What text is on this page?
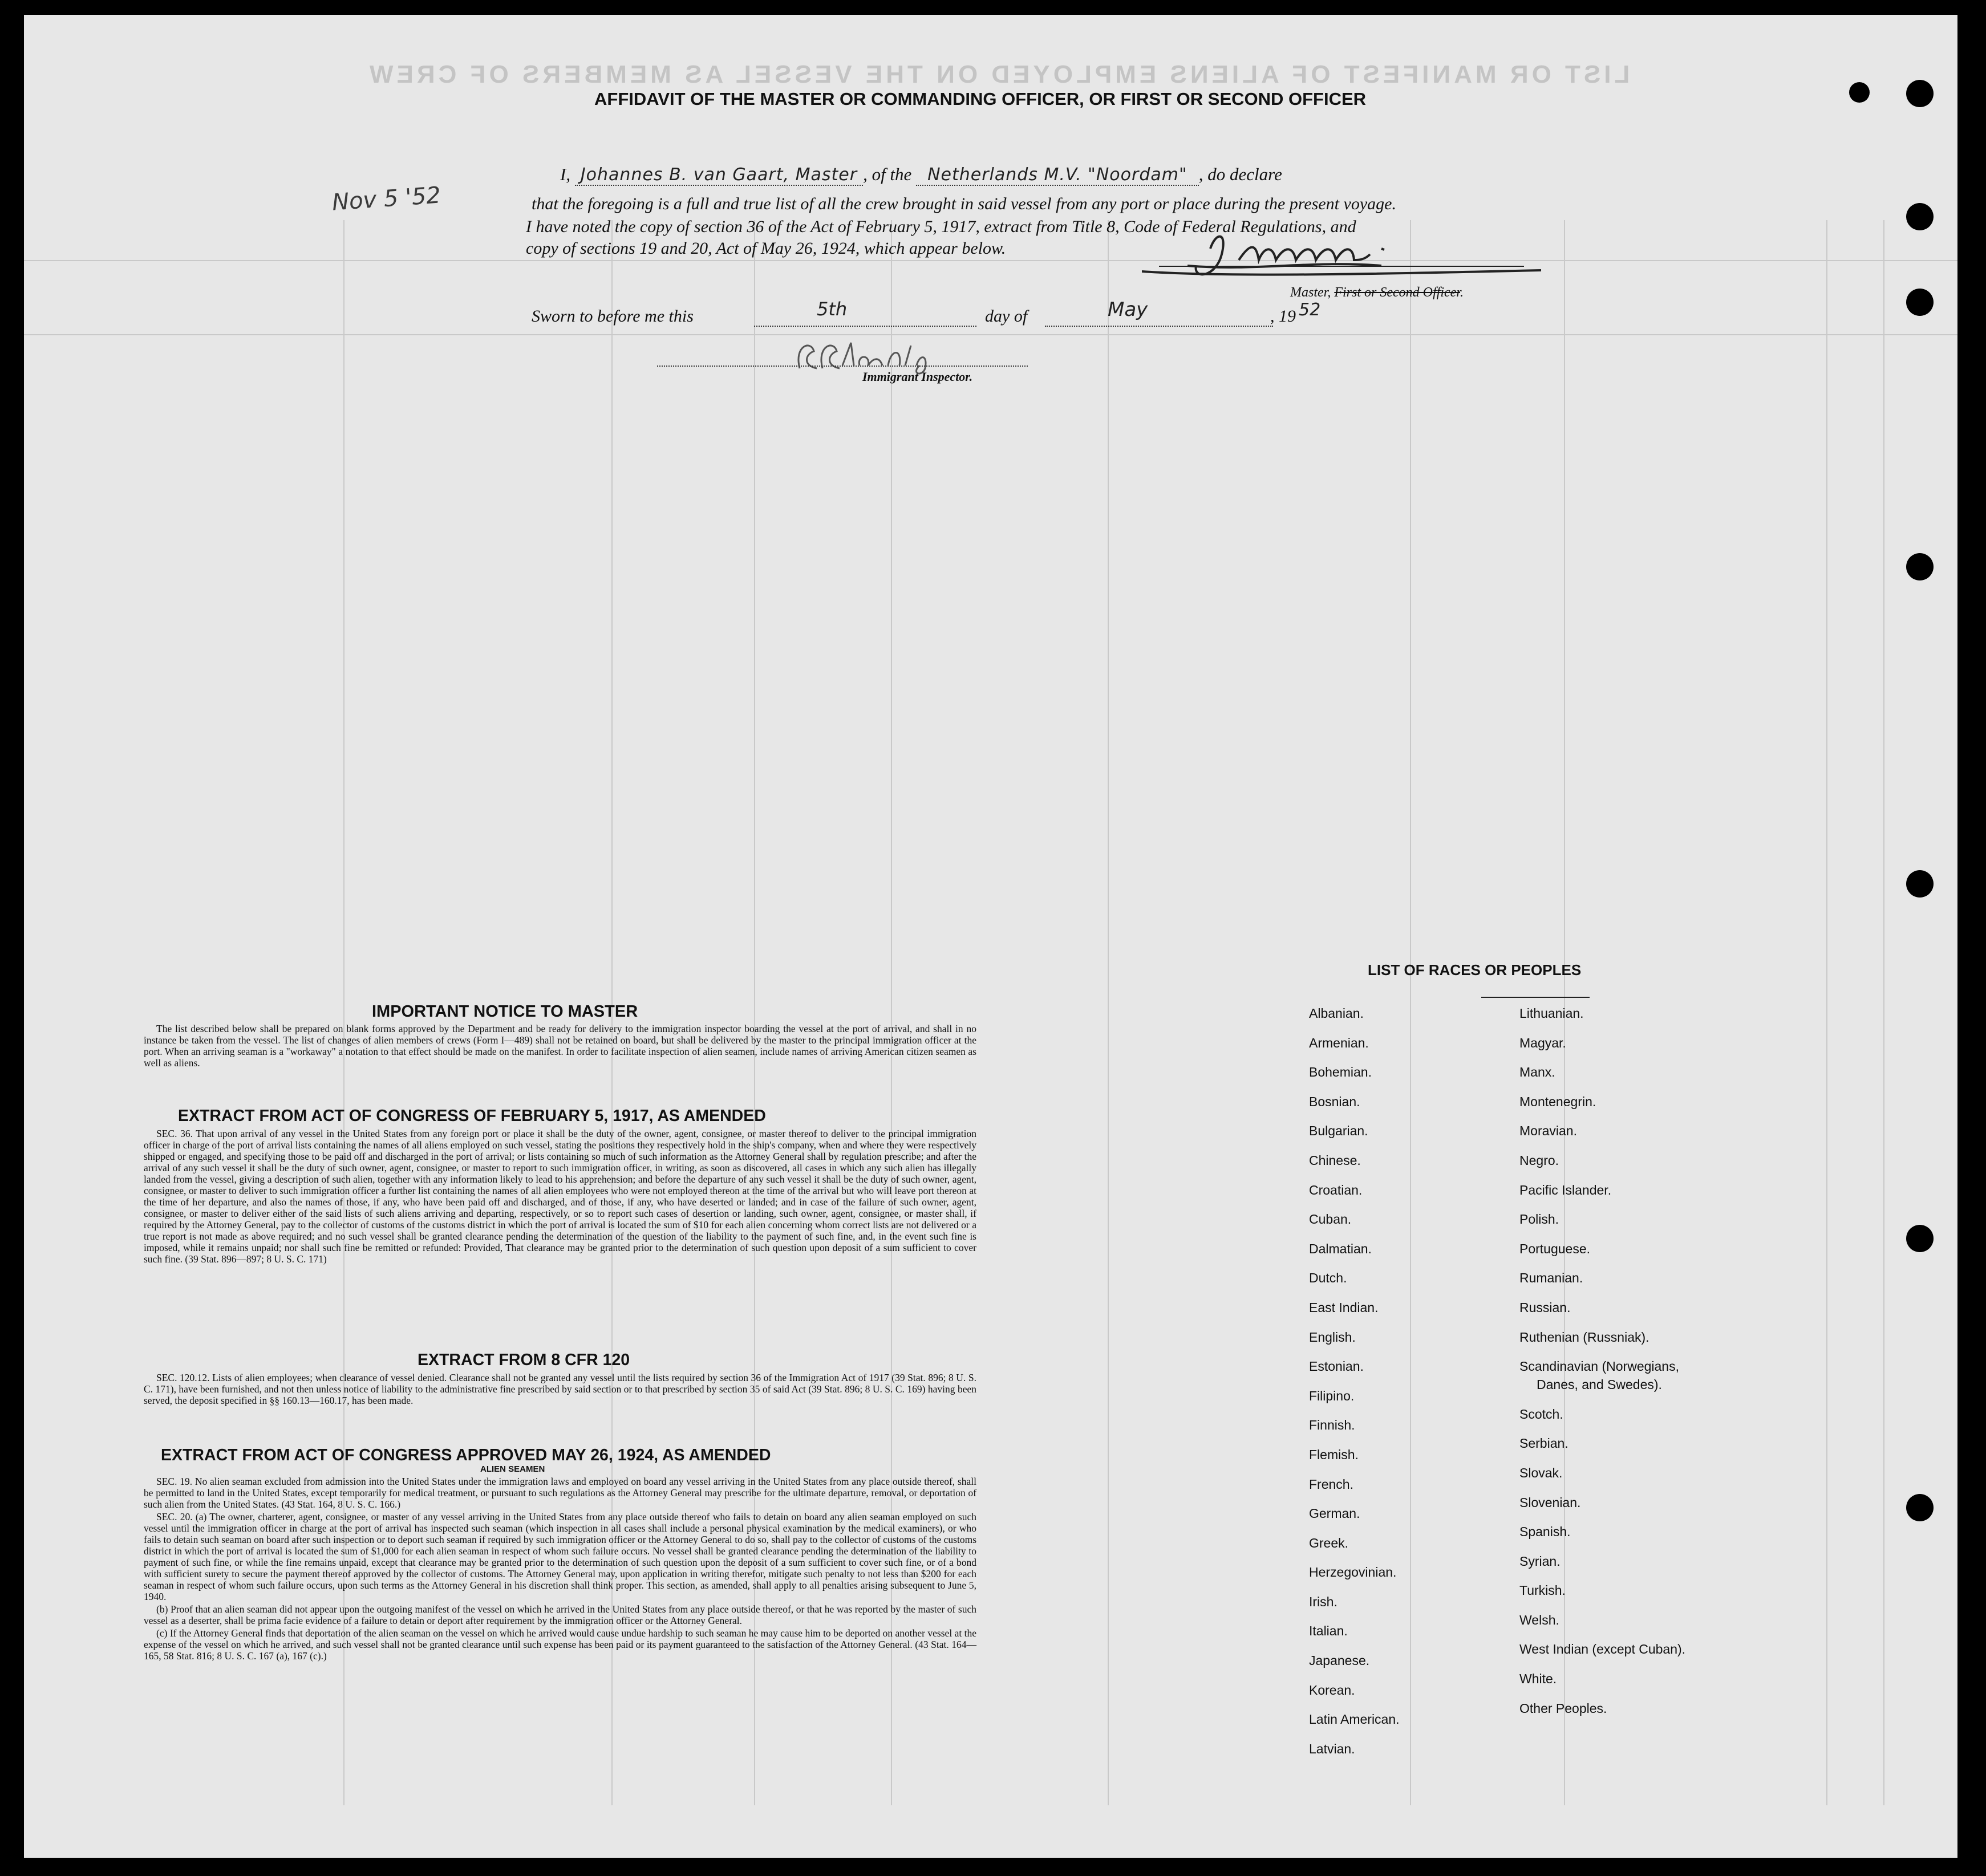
LIST OR MANIFEST OF ALIENS EMPLOYED ON THE VESSEL AS MEMBERS OF CREW
AFFIDAVIT OF THE MASTER OR COMMANDING OFFICER, OR FIRST OR SECOND OFFICER
I, Johannes B. van Gaart, Master , of the Netherlands M.V. "Noordam" , do declare
that the foregoing is a full and true list of all the crew brought in said vessel from any port or place during the present voyage.
I have noted the copy of section 36 of the Act of February 5, 1917, extract from Title 8, Code of Federal Regulations, and
copy of sections 19 and 20, Act of May 26, 1924, which appear below.
Master, First or Second Officer.
Sworn to before me this	5th	day of	May	, 19 52
Immigrant Inspector.
Nov 5 '52
IMPORTANT NOTICE TO MASTER

The list described below shall be prepared on blank forms approved by the Department and be ready for delivery to the immigration inspector boarding the vessel at the port of arrival, and shall in no instance be taken from the vessel. The list of changes of alien members of crews (Form I—489) shall not be retained on board, but shall be delivered by the master to the principal immigration officer at the port. When an arriving seaman is a "workaway" a notation to that effect should be made on the manifest. In order to facilitate inspection of alien seamen, include names of arriving American citizen seamen as well as aliens.

EXTRACT FROM ACT OF CONGRESS OF FEBRUARY 5, 1917, AS AMENDED

SEC. 36. That upon arrival of any vessel in the United States from any foreign port or place it shall be the duty of the owner, agent, consignee, or master thereof to deliver to the principal immigration officer in charge of the port of arrival lists containing the names of all aliens employed on such vessel, stating the positions they respectively hold in the ship's company, when and where they were respectively shipped or engaged, and specifying those to be paid off and discharged in the port of arrival; or lists containing so much of such information as the Attorney General shall by regulation prescribe; and after the arrival of any such vessel it shall be the duty of such owner, agent, consignee, or master to report to such immigration officer, in writing, as soon as discovered, all cases in which any such alien has illegally landed from the vessel, giving a description of such alien, together with any information likely to lead to his apprehension; and before the departure of any such vessel it shall be the duty of such owner, agent, consignee, or master to deliver to such immigration officer a further list containing the names of all alien employees who were not employed thereon at the time of the arrival but who will leave port thereon at the time of her departure, and also the names of those, if any, who have been paid off and discharged, and of those, if any, who have deserted or landed; and in case of the failure of such owner, agent, consignee, or master to deliver either of the said lists of such aliens arriving and departing, respectively, or so to report such cases of desertion or landing, such owner, agent, consignee, or master shall, if required by the Attorney General, pay to the collector of customs of the customs district in which the port of arrival is located the sum of $10 for each alien concerning whom correct lists are not delivered or a true report is not made as above required; and no such vessel shall be granted clearance pending the determination of the question of the liability to the payment of such fine, and, in the event such fine is imposed, while it remains unpaid; nor shall such fine be remitted or refunded: Provided, That clearance may be granted prior to the determination of such question upon deposit of a sum sufficient to cover such fine. (39 Stat. 896—897; 8 U. S. C. 171)

EXTRACT FROM 8 CFR 120

SEC. 120.12. Lists of alien employees; when clearance of vessel denied. Clearance shall not be granted any vessel until the lists required by section 36 of the Immigration Act of 1917 (39 Stat. 896; 8 U. S. C. 171), have been furnished, and not then unless notice of liability to the administrative fine prescribed by said section or to that prescribed by section 35 of said Act (39 Stat. 896; 8 U. S. C. 169) having been served, the deposit specified in §§ 160.13—160.17, has been made.

EXTRACT FROM ACT OF CONGRESS APPROVED MAY 26, 1924, AS AMENDED
ALIEN SEAMEN

SEC. 19. No alien seaman excluded from admission into the United States under the immigration laws and employed on board any vessel arriving in the United States from any place outside thereof, shall be permitted to land in the United States, except temporarily for medical treatment, or pursuant to such regulations as the Attorney General may prescribe for the ultimate departure, removal, or deportation of such alien from the United States. (43 Stat. 164, 8 U. S. C. 166.)

SEC. 20. (a) The owner, charterer, agent, consignee, or master of any vessel arriving in the United States from any place outside thereof who fails to detain on board any alien seaman employed on such vessel until the immigration officer in charge at the port of arrival has inspected such seaman (which inspection in all cases shall include a personal physical examination by the medical examiners), or who fails to detain such seaman on board after such inspection or to deport such seaman if required by such immigration officer or the Attorney General to do so, shall pay to the collector of customs of the customs district in which the port of arrival is located the sum of $1,000 for each alien seaman in respect of whom such failure occurs. No vessel shall be granted clearance pending the determination of the liability to payment of such fine, or while the fine remains unpaid, except that clearance may be granted prior to the determination of such question upon the deposit of a sum sufficient to cover such fine, or of a bond with sufficient surety to secure the payment thereof approved by the collector of customs. The Attorney General may, upon application in writing therefor, mitigate such penalty to not less than $200 for each seaman in respect of whom such failure occurs, upon such terms as the Attorney General in his discretion shall think proper. This section, as amended, shall apply to all penalties arising subsequent to June 5, 1940.

(b) Proof that an alien seaman did not appear upon the outgoing manifest of the vessel on which he arrived in the United States from any place outside thereof, or that he was reported by the master of such vessel as a deserter, shall be prima facie evidence of a failure to detain or deport after requirement by the immigration officer or the Attorney General.

(c) If the Attorney General finds that deportation of the alien seaman on the vessel on which he arrived would cause undue hardship to such seaman he may cause him to be deported on another vessel at the expense of the vessel on which he arrived, and such vessel shall not be granted clearance until such expense has been paid or its payment guaranteed to the satisfaction of the Attorney General. (43 Stat. 164—165, 58 Stat. 816; 8 U. S. C. 167 (a), 167 (c).)

LIST OF RACES OR PEOPLES
Albanian.
Armenian.
Bohemian.
Bosnian.
Bulgarian.
Chinese.
Croatian.
Cuban.
Dalmatian.
Dutch.
East Indian.
English.
Estonian.
Filipino.
Finnish.
Flemish.
French.
German.
Greek.
Herzegovinian.
Irish.
Italian.
Japanese.
Korean.
Latin American.
Latvian.
Lithuanian.
Magyar.
Manx.
Montenegrin.
Moravian.
Negro.
Pacific Islander.
Polish.
Portuguese.
Rumanian.
Russian.
Ruthenian (Russniak).
Scandinavian (Norwegians,
Danes, and Swedes).
Scotch.
Serbian.
Slovak.
Slovenian.
Spanish.
Syrian.
Turkish.
Welsh.
West Indian (except Cuban).
White.
Other Peoples.
